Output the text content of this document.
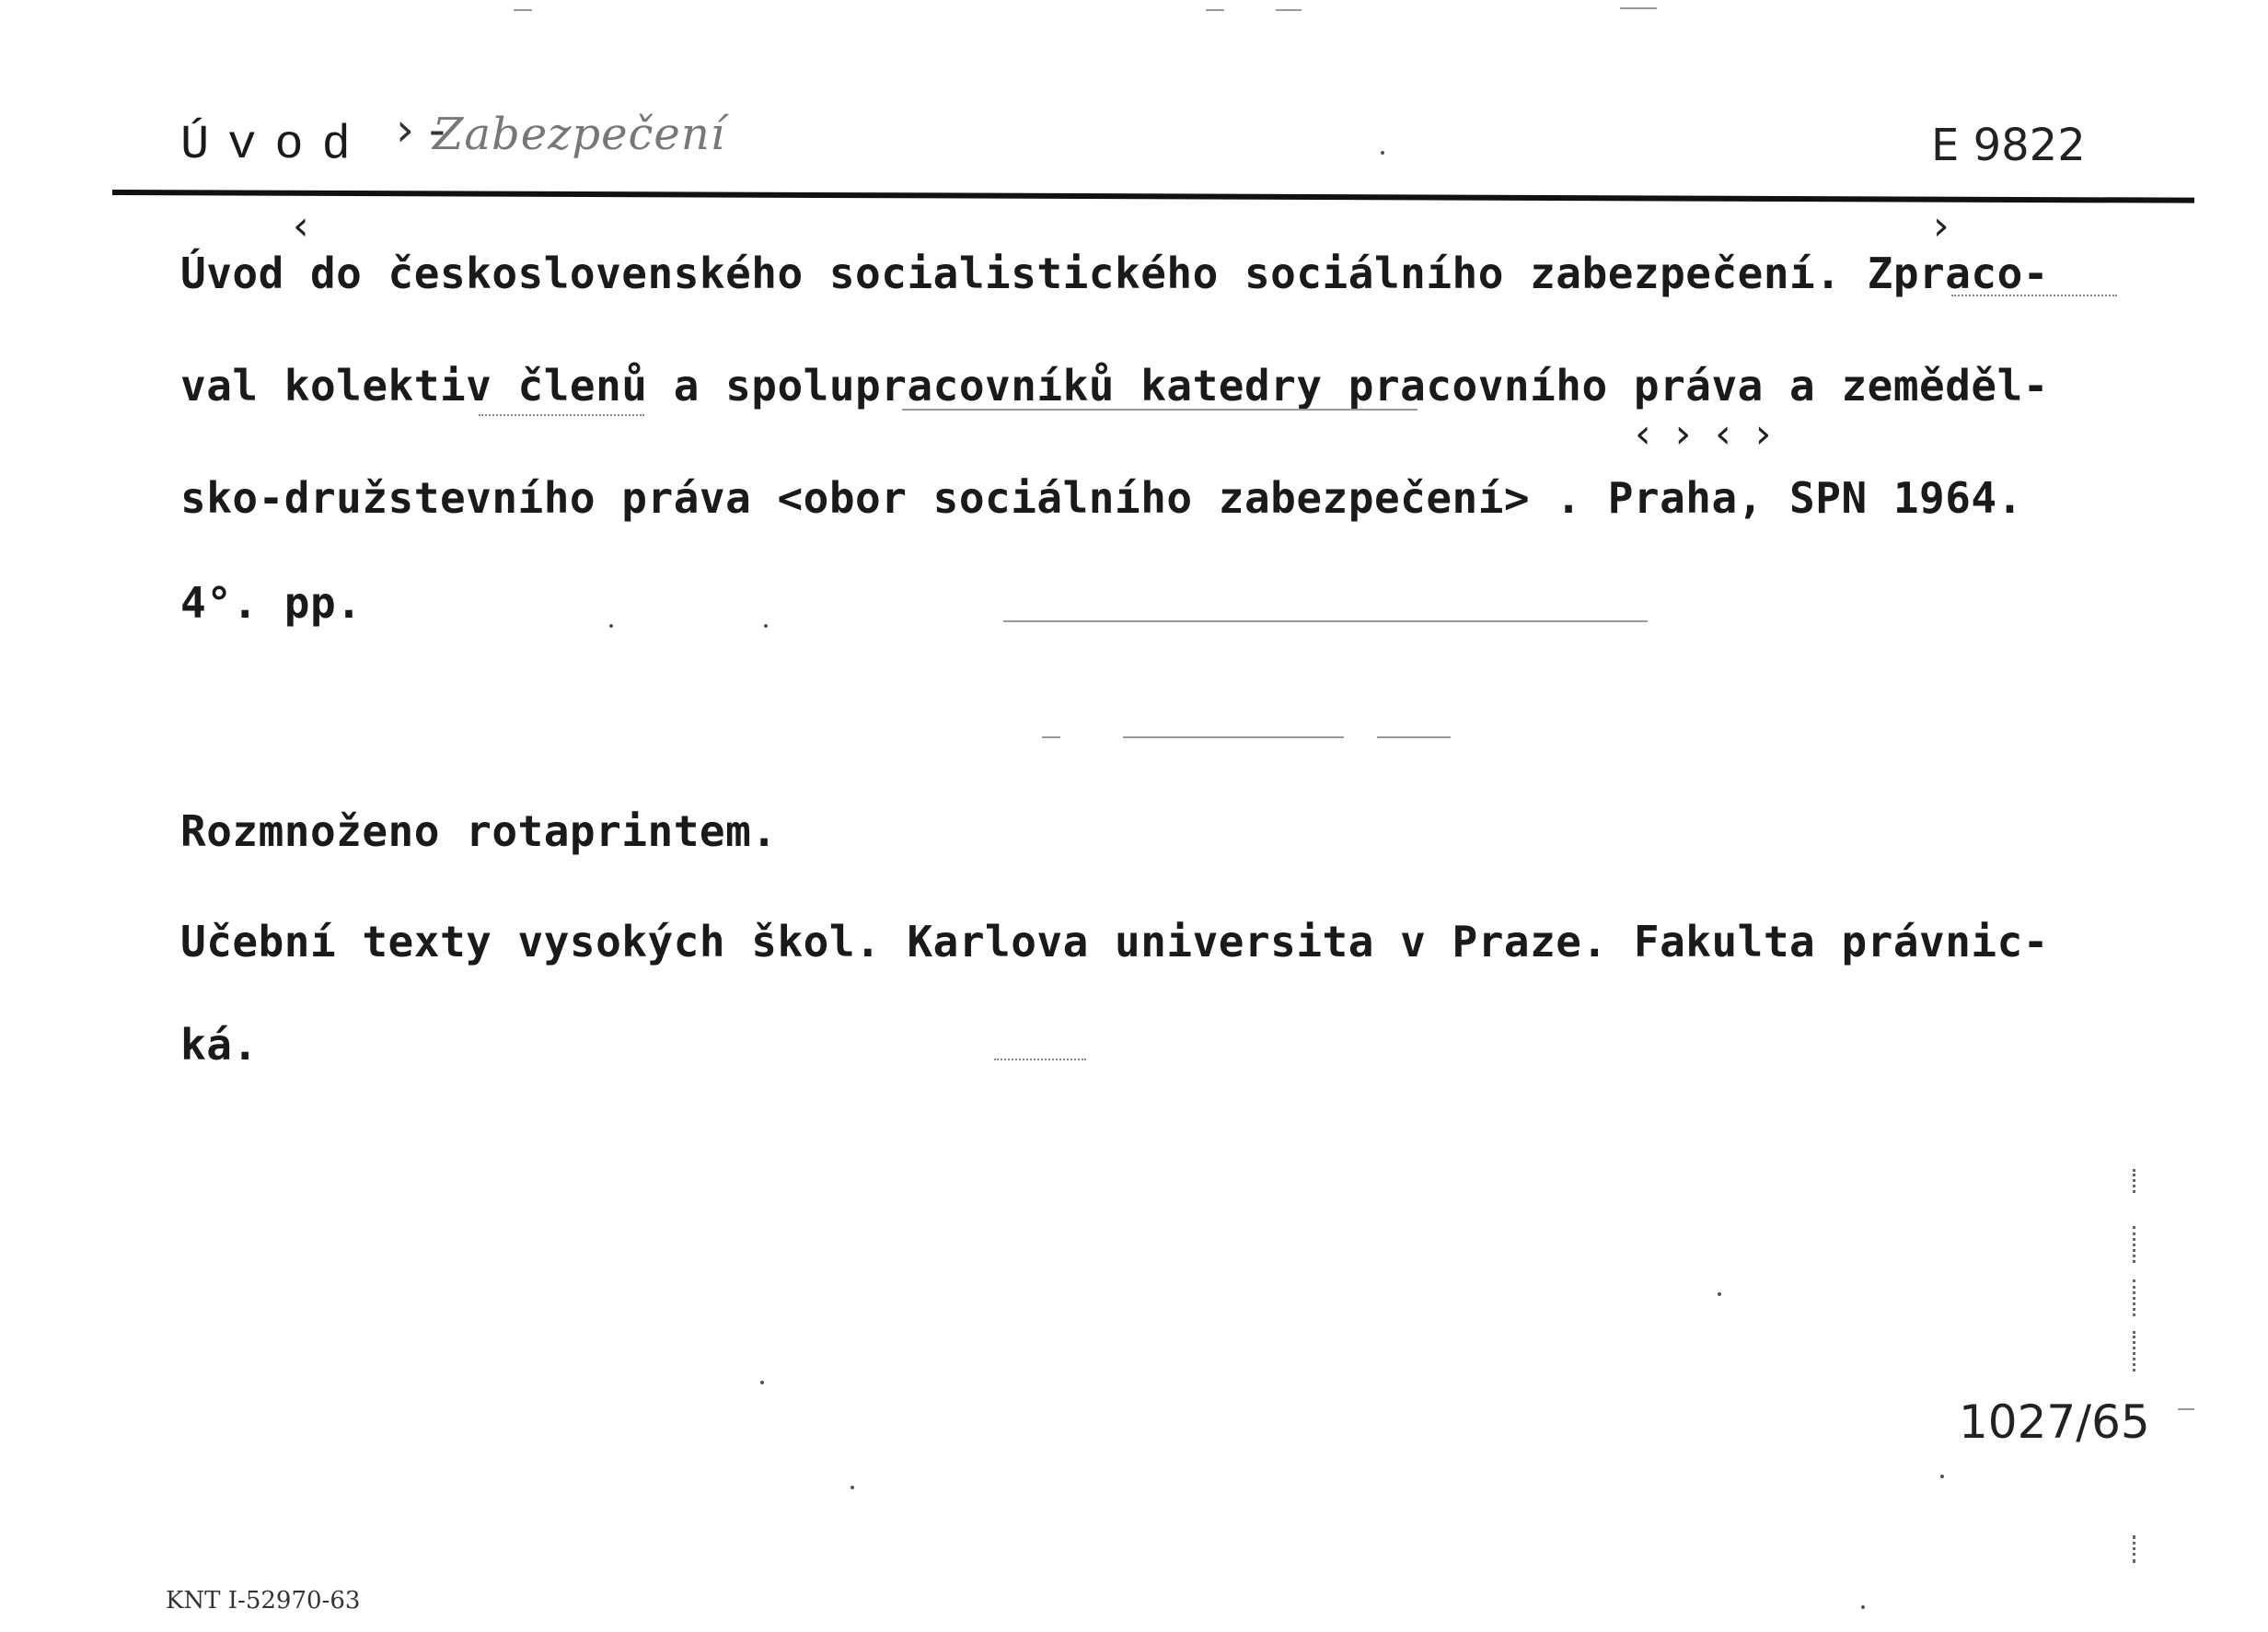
Úvod › -
Zabezpečení	E 9822
‹	›
‹ › ‹ ›
Úvod do československého socialistického sociálního zabezpečení. Zpraco-
val kolektiv členů a spolupracovníků katedry pracovního práva a zeměděl-
sko-družstevního práva <obor sociálního zabezpečení> . Praha, SPN 1964.
4°. pp.
Rozmnoženo rotaprintem.
Učební texty vysokých škol. Karlova universita v Praze. Fakulta právnic-
ká.
1027/65
KNT I-52970-63
